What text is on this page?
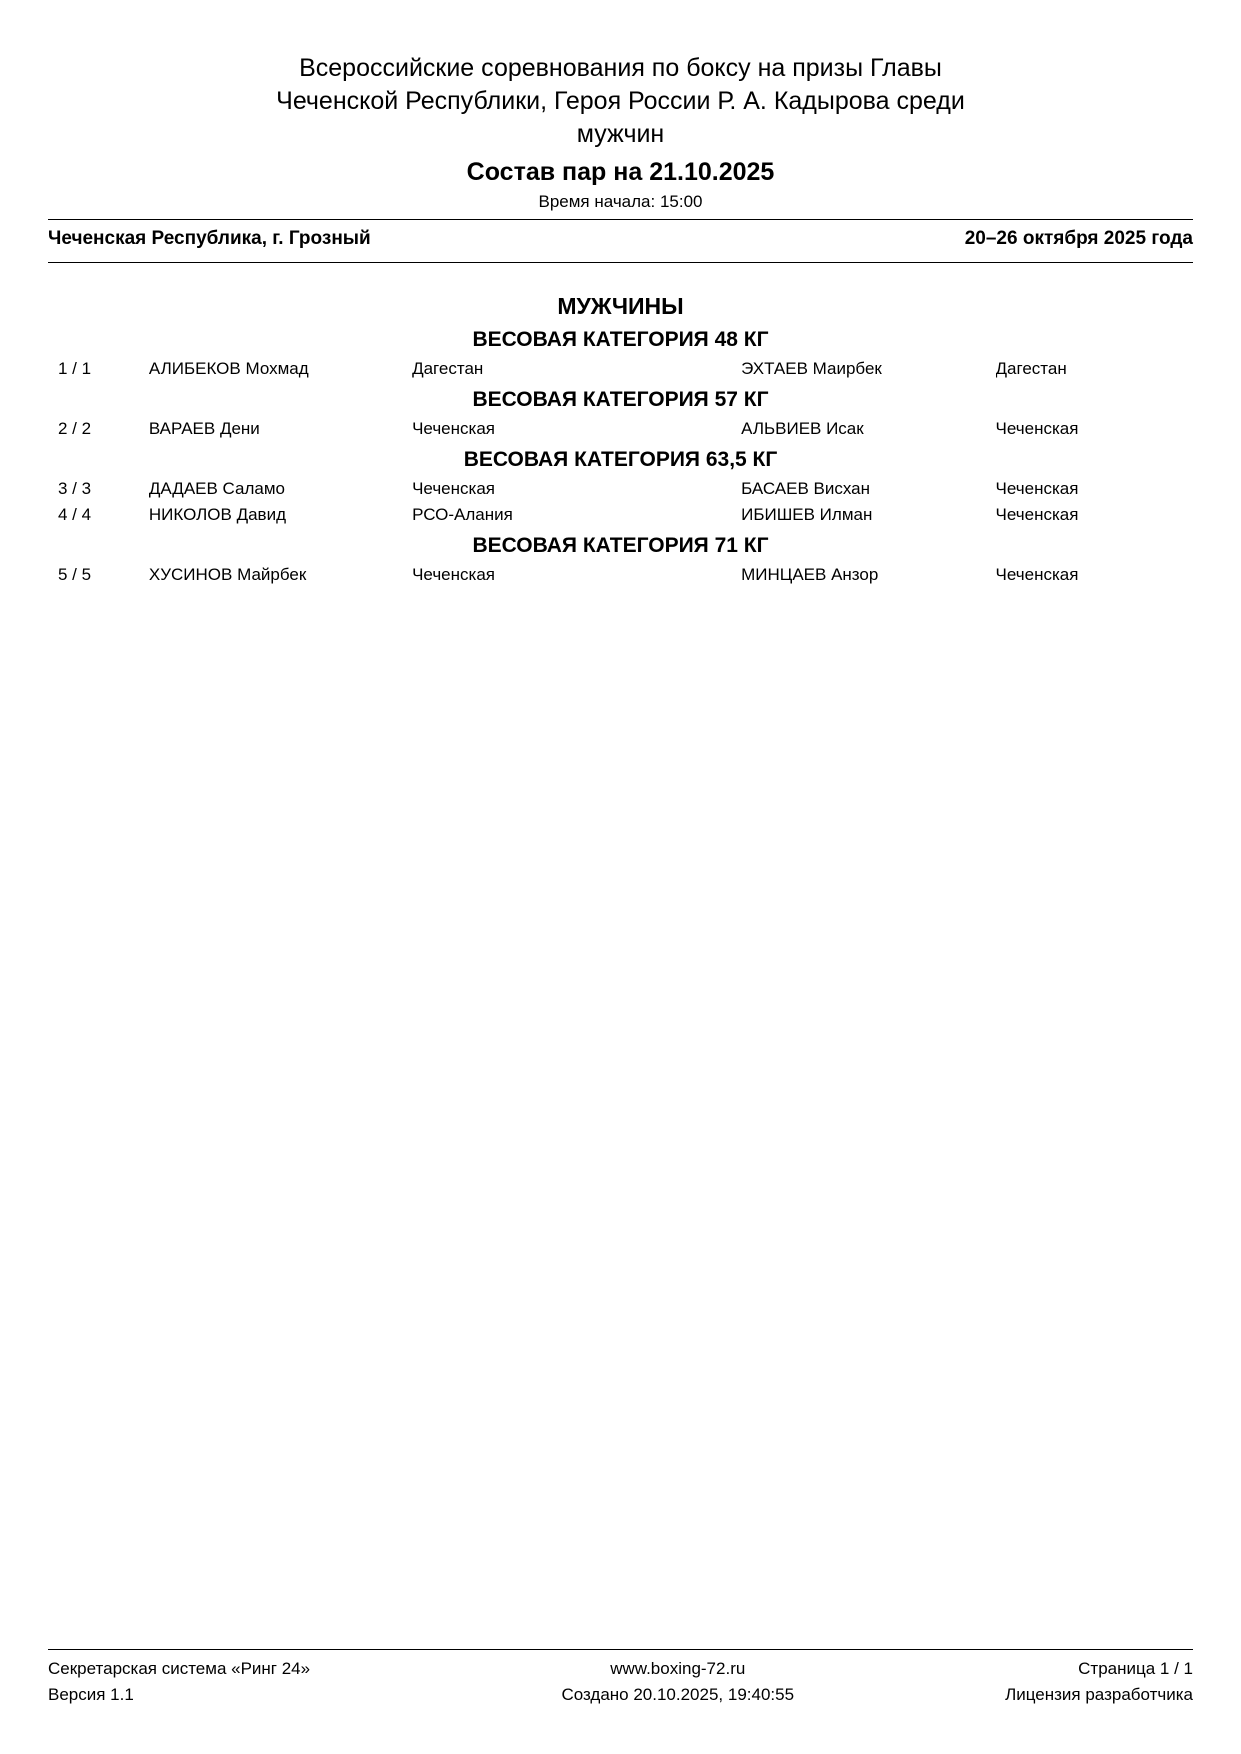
Всероссийские соревнования по боксу на призы Главы
Чеченской Республики, Героя России Р. А. Кадырова среди
мужчин
Состав пар на 21.10.2025
Время начала: 15:00
Чеченская Республика, г. Грозный	20–26 октября 2025 года
МУЖЧИНЫ
ВЕСОВАЯ КАТЕГОРИЯ 48 КГ
1 / 1	АЛИБЕКОВ Мохмад	Дагестан	ЭХТАЕВ Маирбек	Дагестан
ВЕСОВАЯ КАТЕГОРИЯ 57 КГ
2 / 2	ВАРАЕВ Дени	Чеченская	АЛЬВИЕВ Исак	Чеченская
ВЕСОВАЯ КАТЕГОРИЯ 63,5 КГ
3 / 3	ДАДАЕВ Саламо	Чеченская	БАСАЕВ Висхан	Чеченская
4 / 4	НИКОЛОВ Давид	РСО-Алания	ИБИШЕВ Илман	Чеченская
ВЕСОВАЯ КАТЕГОРИЯ 71 КГ
5 / 5	ХУСИНОВ Майрбек	Чеченская	МИНЦАЕВ Анзор	Чеченская
Секретарская система «Ринг 24»	www.boxing-72.ru	Страница 1 / 1
Версия 1.1	Создано 20.10.2025, 19:40:55	Лицензия разработчика
